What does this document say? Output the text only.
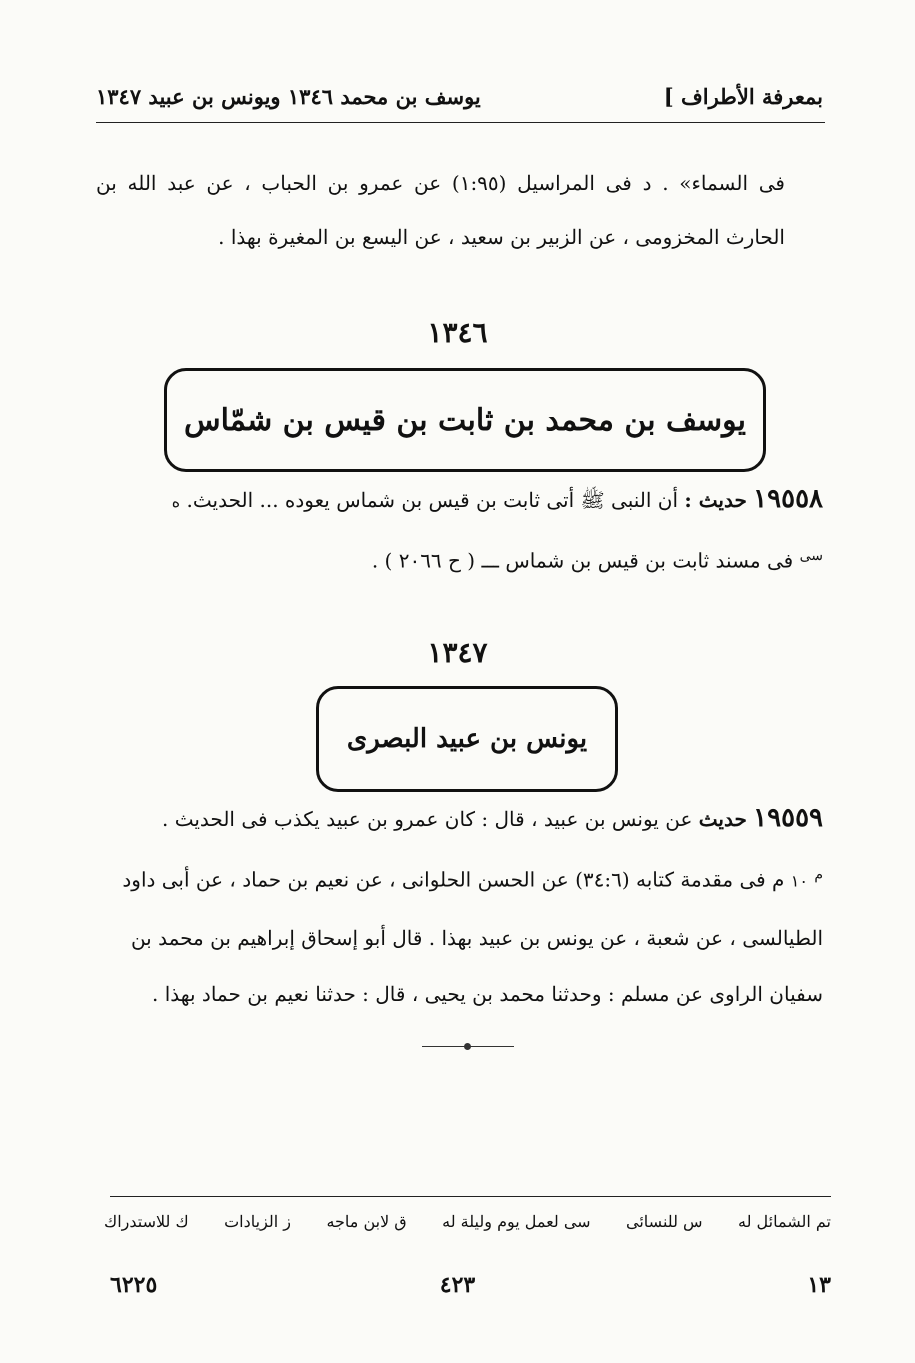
بمعرفة الأطراف ]
يوسف بن محمد ١٣٤٦ ويونس بن عبيد ١٣٤٧
فى السماء» . د فى المراسيل (١:٩٥) عن عمرو بن الحباب ، عن عبد الله بن الحارث المخزومى ، عن الزبير بن سعيد ، عن اليسع بن المغيرة بهذا .
١٣٤٦
يوسف بن محمد بن ثابت بن قيس بن شمّاس
١٩٥٥٨ حديث : أن النبى ﷺ أتى ثابت بن قيس بن شماس يعوده ... الحديث. ه
$^{سى}$ فى مسند ثابت بن قيس بن شماس ـــ ( ح ٢٠٦٦ ) .
١٣٤٧
يونس بن عبيد البصرى
١٩٥٥٩ حديث عن يونس بن عبيد ، قال : كان عمرو بن عبيد يكذب فى الحديث .
$^م$ ١٠ م فى مقدمة كتابه (٣٤:٦) عن الحسن الحلوانى ، عن نعيم بن حماد ، عن أبى داود الطيالسى ، عن شعبة ، عن يونس بن عبيد بهذا . قال أبو إسحاق إبراهيم بن محمد بن سفيان الراوى عن مسلم : وحدثنا محمد بن يحيى ، قال : حدثنا نعيم بن حماد بهذا .
تم الشمائل له
س للنسائى
سى لعمل يوم وليلة له
ق لابن ماجه
ز الزيادات
ك للاستدراك
١٣
٤٢٣
٦٢٢٥
